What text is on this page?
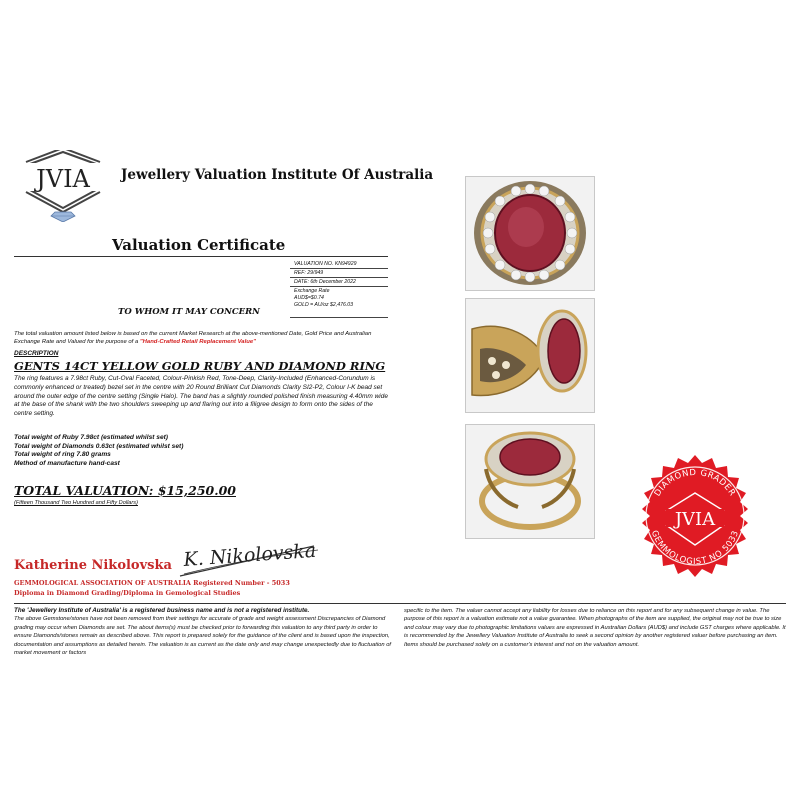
JVIA Jewellery Valuation Institute Of Australia
Valuation Certificate
VALUATION NO. KN94929
REF: 29/949
DATE: 6th December 2022
Exchange Rate
AUD$=$0.74
GOLD = AU/oz $2,476.03
TO WHOM IT MAY CONCERN
The total valuation amount listed below is based on the current Market Research at the above-mentioned Date, Gold Price and Australian Exchange Rate and Valued for the purpose of a "Hand-Crafted Retail Replacement Value"
DESCRIPTION
GENTS 14CT YELLOW GOLD RUBY AND DIAMOND RING
The ring features a 7.98ct Ruby, Cut-Oval Faceted, Colour-Pinkish Red, Tone-Deep, Clarity-Included (Enhanced-Corundum is commonly enhanced or treated) bezel set in the centre with 20 Round Brilliant Cut Diamonds Clarity SI2-P2, Colour I-K bead set around the outer edge of the centre setting (Single Halo). The band has a slightly rounded polished finish measuring 4.40mm wide at the base of the shank with the two shoulders sweeping up and flaring out into a filigree design to form onto the sides of the centre setting.
Total weight of Ruby 7.98ct (estimated whilst set)
Total weight of Diamonds 0.63ct (estimated whilst set)
Total weight of ring 7.80 grams
Method of manufacture hand-cast
TOTAL VALUATION: $15,250.00
(Fifteen Thousand Two Hundred and Fifty Dollars)
Katherine Nikolovska K. Nikolovska
GEMMOLOGICAL ASSOCIATION OF AUSTRALIA Registered Number - 5033
Diploma in Diamond Grading/Diploma in Gemological Studies
The 'Jewellery Institute of Australia' is a registered business name and is not a registered institute.
The above Gemstone/stones have not been removed from their settings for accurate of grade and weight assessment Discrepancies of Diamond grading may occur when Diamonds are set. The about items(s) must be checked prior to forwarding this valuation to any third party in order to ensure Diamonds/stones remain as described above. This report is prepared solely for the guidance of the client and is based upon the inspection, documentation and assumptions as detailed herein. The valuation is as current as the date only and may change unexpectedly due to fluctuation of market movement or factors
specific to the item. The valuer cannot accept any liability for losses due to reliance on this report and for any subsequent change in value. The purpose of this report is a valuation estimate not a value guarantee. When photographs of the item are supplied, the original may not be true to size and colour may vary due to photographic limitations values are expressed in Australian Dollars (AUD$) and include GST charges where applicable. It is recommended by the Jewellery Valuation Institute of Australia to seek a second opinion by another registered valuer before purchasing an item. Items should be purchased solely on a customer's interest and not on the valuation amount.
DIAMOND GRADER
GEMMOLOGIST NO 5033
JVIA
